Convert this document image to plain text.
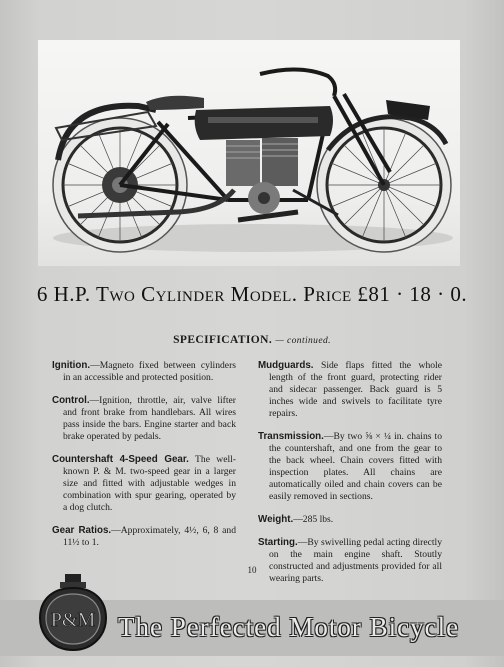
6 H.P. Two Cylinder Model. Price £81 · 18 · 0.
SPECIFICATION. — continued.

Ignition.—Magneto fixed between cylinders in an accessible and protected position.

Control.—Ignition, throttle, air, valve lifter and front brake from handlebars. All wires pass inside the bars. Engine starter and back brake operated by pedals.

Countershaft 4-Speed Gear. The well-known P. & M. two-speed gear in a larger size and fitted with adjustable wedges in combination with spur gearing, operated by a dog clutch.

Gear Ratios.—Approximately, 4½, 6, 8 and 11½ to 1.

Mudguards. Side flaps fitted the whole length of the front guard, protecting rider and sidecar passenger. Back guard is 5 inches wide and swivels to facilitate tyre repairs.

Transmission.—By two ⅝ × ¼ in. chains to the countershaft, and one from the gear to the back wheel. Chain covers fitted with inspection plates. All chains are automatically oiled and chain covers can be easily removed in sections.

Weight.—285 lbs.

Starting.—By swivelling pedal acting directly on the main engine shaft. Stoutly constructed and adjustments provided for all wearing parts.

10
P&M The Perfected Motor Bicycle
